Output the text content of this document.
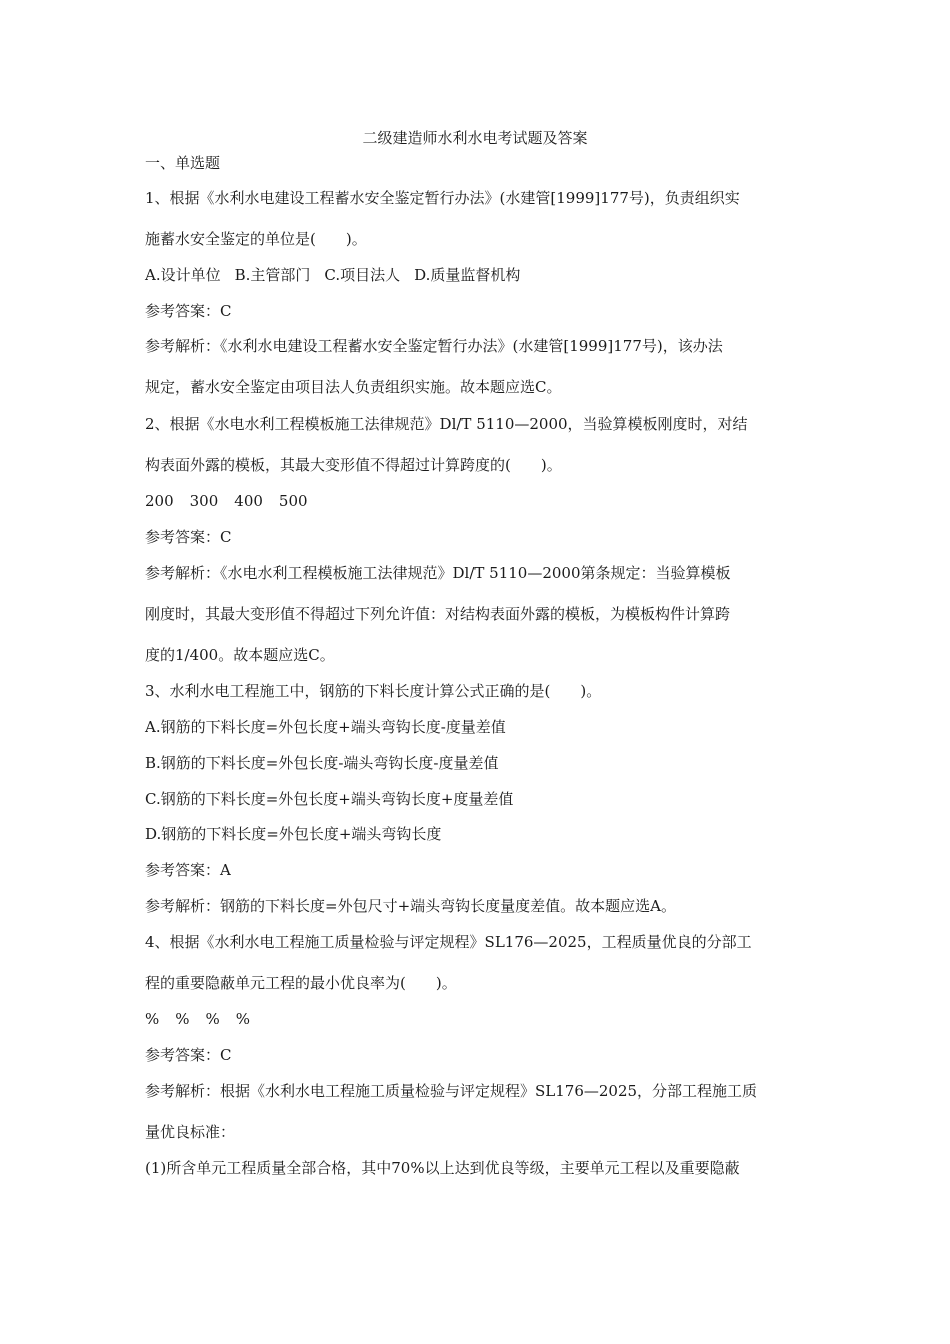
二级建造师水利水电考试题及答案
一、单选题
1、根据《水利水电建设工程蓄水安全鉴定暂行办法》(水建管[1999]177号)，负责组织实
施蓄水安全鉴定的单位是(　　)。
A.设计单位 B.主管部门 C.项目法人 D.质量监督机构
参考答案：C
参考解析：《水利水电建设工程蓄水安全鉴定暂行办法》(水建管[1999]177号)，该办法
规定，蓄水安全鉴定由项目法人负责组织实施。故本题应选C。
2、根据《水电水利工程模板施工法律规范》Dl/T 5110—2000，当验算模板刚度时，对结
构表面外露的模板，其最大变形值不得超过计算跨度的(　　)。
200 300 400 500
参考答案：C
参考解析：《水电水利工程模板施工法律规范》Dl/T 5110—2000第条规定：当验算模板
刚度时，其最大变形值不得超过下列允许值：对结构表面外露的模板，为模板构件计算跨
度的1/400。故本题应选C。
3、水利水电工程施工中，钢筋的下料长度计算公式正确的是(　　)。
A.钢筋的下料长度=外包长度+端头弯钩长度-度量差值
B.钢筋的下料长度=外包长度-端头弯钩长度-度量差值
C.钢筋的下料长度=外包长度+端头弯钩长度+度量差值
D.钢筋的下料长度=外包长度+端头弯钩长度
参考答案：A
参考解析：钢筋的下料长度=外包尺寸+端头弯钩长度量度差值。故本题应选A。
4、根据《水利水电工程施工质量检验与评定规程》SL176—2025，工程质量优良的分部工
程的重要隐蔽单元工程的最小优良率为(　　)。
% % % %
参考答案：C
参考解析：根据《水利水电工程施工质量检验与评定规程》SL176—2025，分部工程施工质
量优良标准：
(1)所含单元工程质量全部合格，其中70%以上达到优良等级，主要单元工程以及重要隐蔽
